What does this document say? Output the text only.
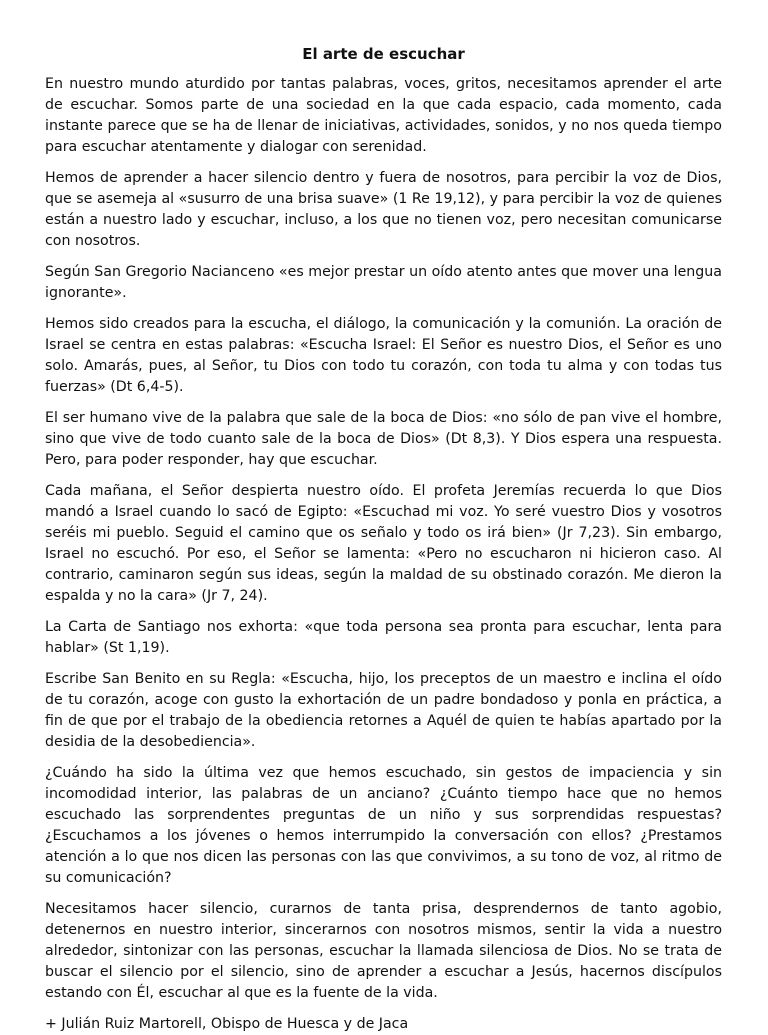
El arte de escuchar

En nuestro mundo aturdido por tantas palabras, voces, gritos, necesitamos aprender el arte de escuchar. Somos parte de una sociedad en la que cada espacio, cada momento, cada instante parece que se ha de llenar de iniciativas, actividades, sonidos, y no nos queda tiempo para escuchar atentamente y dialogar con serenidad.

Hemos de aprender a hacer silencio dentro y fuera de nosotros, para percibir la voz de Dios, que se asemeja al «susurro de una brisa suave» (1 Re 19,12), y para percibir la voz de quienes están a nuestro lado y escuchar, incluso, a los que no tienen voz, pero necesitan comunicarse con nosotros.

Según San Gregorio Nacianceno «es mejor prestar un oído atento antes que mover una lengua ignorante».

Hemos sido creados para la escucha, el diálogo, la comunicación y la comunión. La oración de Israel se centra en estas palabras: «Escucha Israel: El Señor es nuestro Dios, el Señor es uno solo. Amarás, pues, al Señor, tu Dios con todo tu corazón, con toda tu alma y con todas tus fuerzas» (Dt 6,4-5).

El ser humano vive de la palabra que sale de la boca de Dios: «no sólo de pan vive el hombre, sino que vive de todo cuanto sale de la boca de Dios» (Dt 8,3). Y Dios espera una respuesta. Pero, para poder responder, hay que escuchar.

Cada mañana, el Señor despierta nuestro oído. El profeta Jeremías recuerda lo que Dios mandó a Israel cuando lo sacó de Egipto: «Escuchad mi voz. Yo seré vuestro Dios y vosotros seréis mi pueblo. Seguid el camino que os señalo y todo os irá bien» (Jr 7,23). Sin embargo, Israel no escuchó. Por eso, el Señor se lamenta: «Pero no escucharon ni hicieron caso. Al contrario, caminaron según sus ideas, según la maldad de su obstinado corazón. Me dieron la espalda y no la cara» (Jr 7, 24).

La Carta de Santiago nos exhorta: «que toda persona sea pronta para escuchar, lenta para hablar» (St 1,19).

Escribe San Benito en su Regla: «Escucha, hijo, los preceptos de un maestro e inclina el oído de tu corazón, acoge con gusto la exhortación de un padre bondadoso y ponla en práctica, a fin de que por el trabajo de la obediencia retornes a Aquél de quien te habías apartado por la desidia de la desobediencia».

¿Cuándo ha sido la última vez que hemos escuchado, sin gestos de impaciencia y sin incomodidad interior, las palabras de un anciano? ¿Cuánto tiempo hace que no hemos escuchado las sorprendentes preguntas de un niño y sus sorprendidas respuestas? ¿Escuchamos a los jóvenes o hemos interrumpido la conversación con ellos? ¿Prestamos atención a lo que nos dicen las personas con las que convivimos, a su tono de voz, al ritmo de su comunicación?

Necesitamos hacer silencio, curarnos de tanta prisa, desprendernos de tanto agobio, detenernos en nuestro interior, sincerarnos con nosotros mismos, sentir la vida a nuestro alrededor, sintonizar con las personas, escuchar la llamada silenciosa de Dios. No se trata de buscar el silencio por el silencio, sino de aprender a escuchar a Jesús, hacernos discípulos estando con Él, escuchar al que es la fuente de la vida.

+ Julián Ruiz Martorell, Obispo de Huesca y de Jaca
